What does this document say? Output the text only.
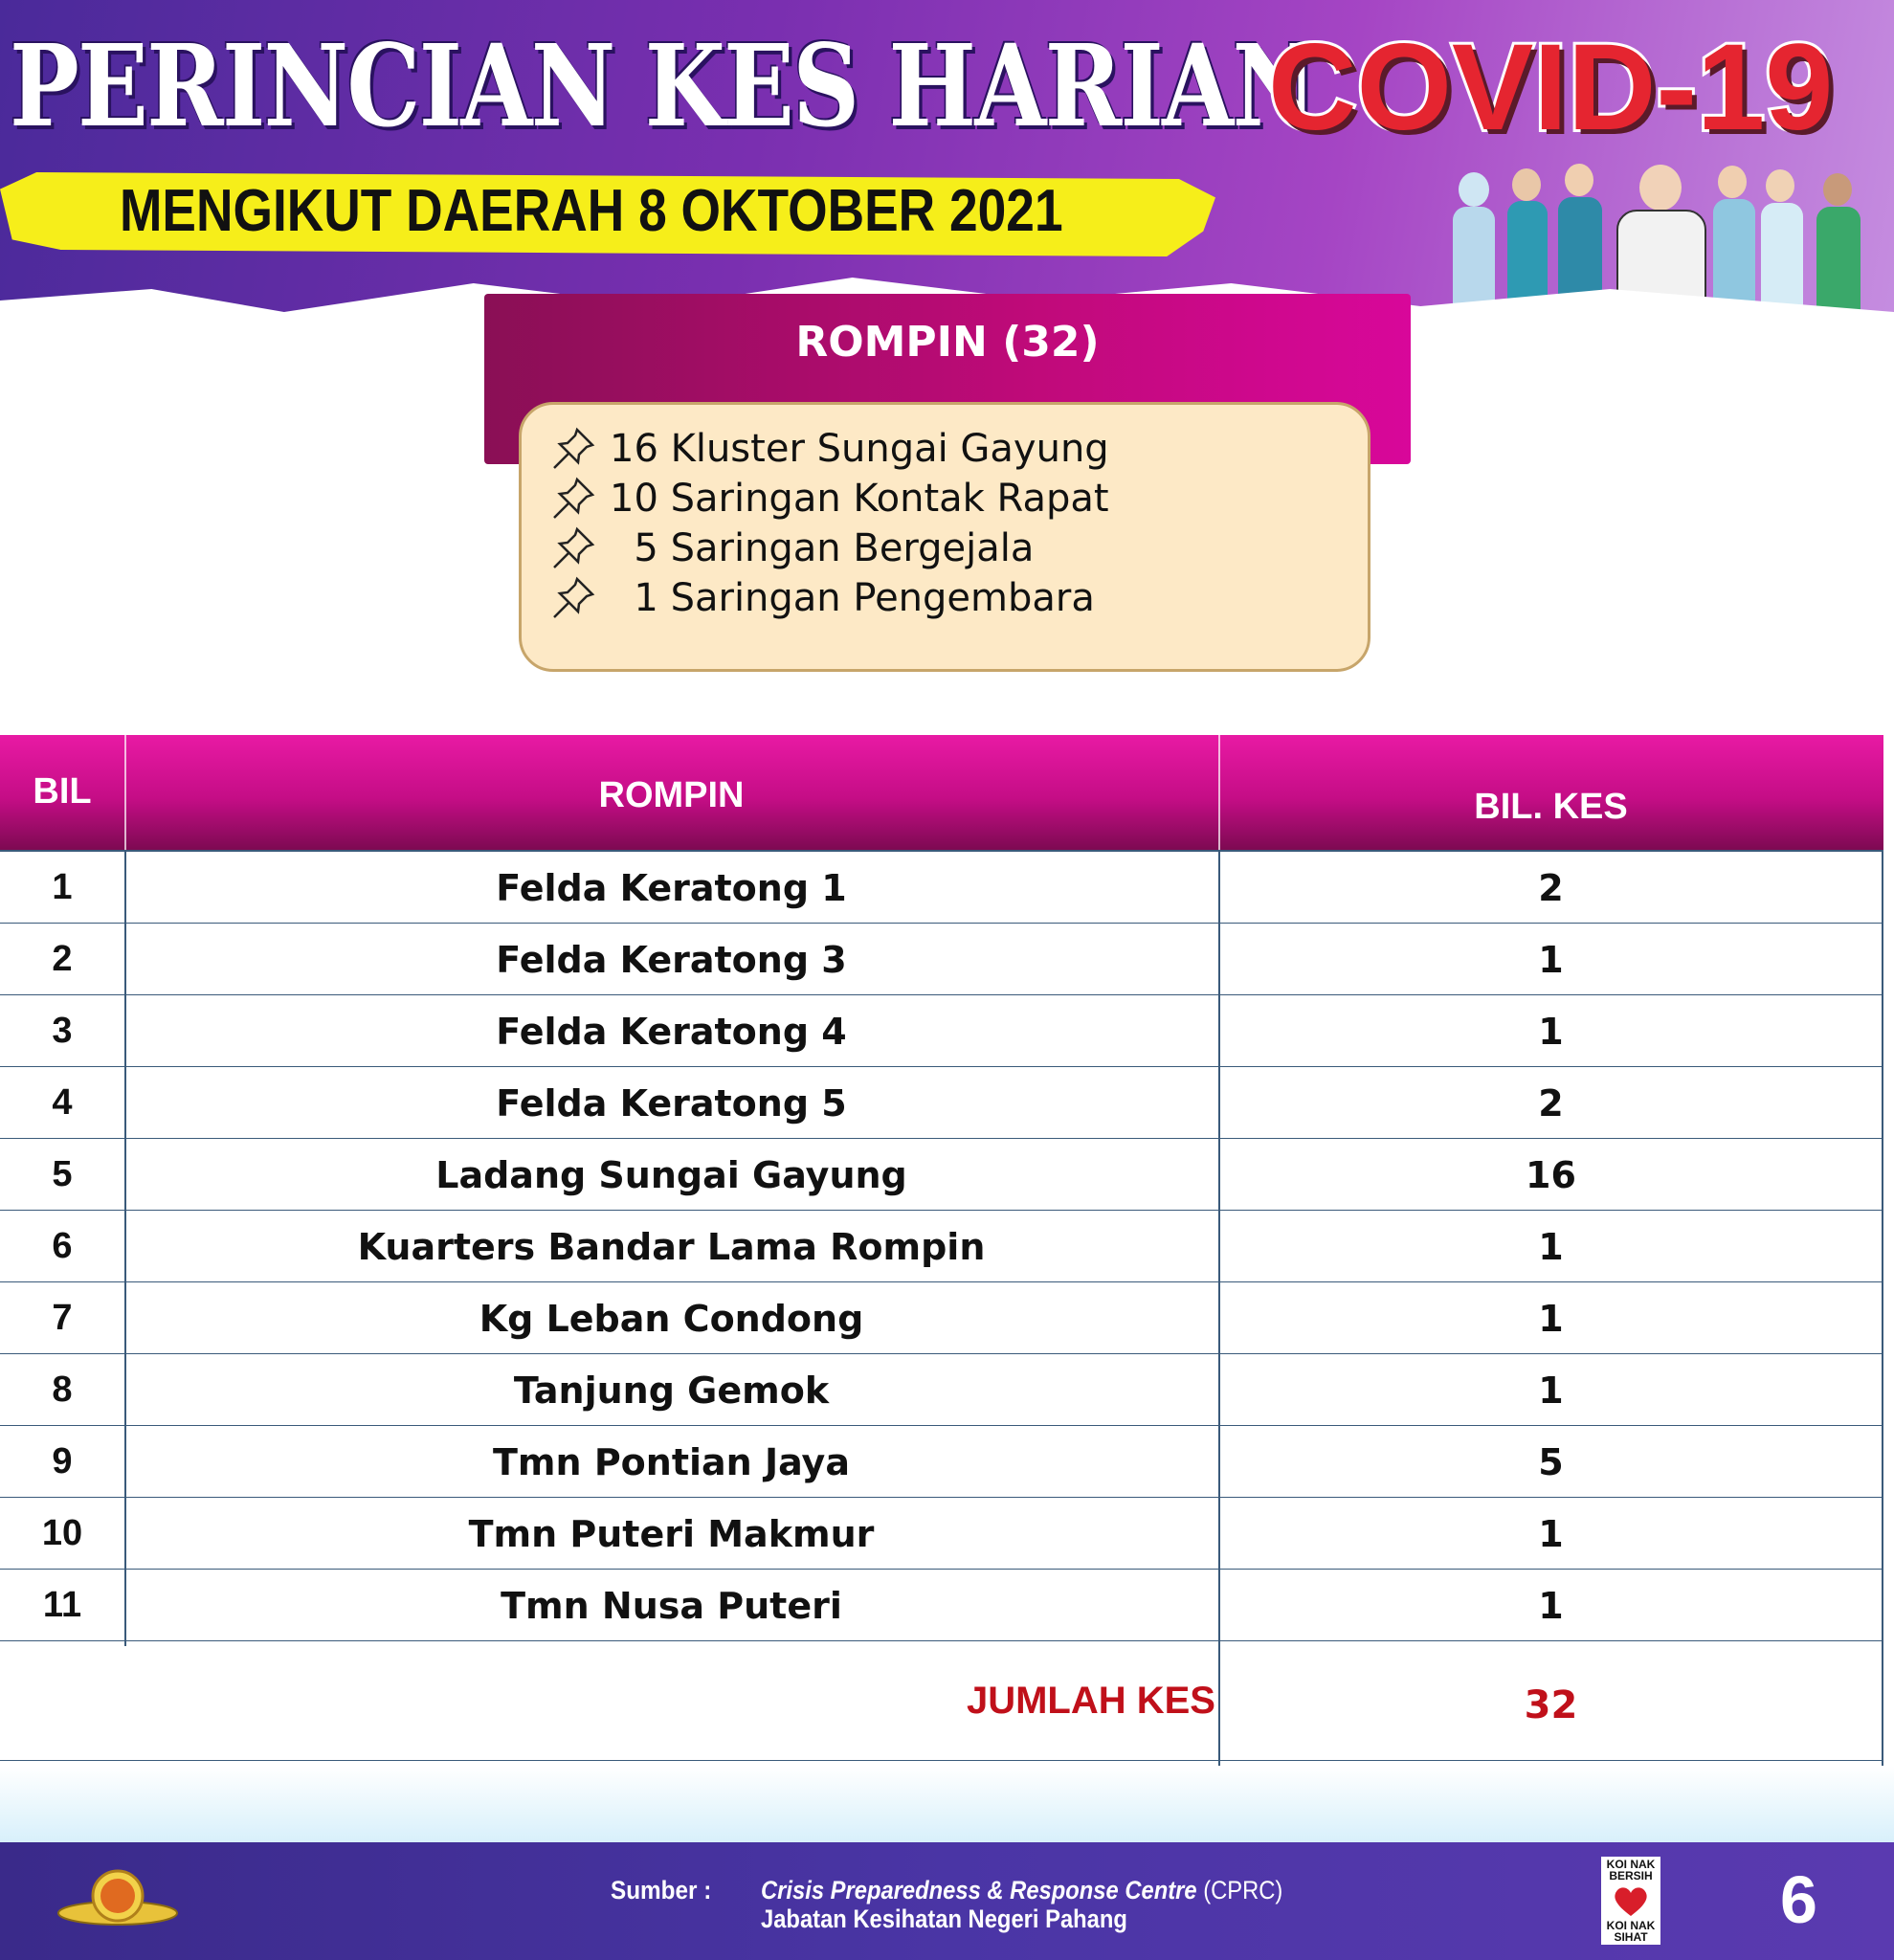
PERINCIAN KES HARIAN
COVID-19
MENGIKUT DAERAH 8 OKTOBER 2021
ROMPIN (32)
16 Kluster Sungai Gayung
10 Saringan Kontak Rapat
5 Saringan Bergejala
1 Saringan Pengembara
BIL	ROMPIN	BIL. KES
1	Felda Keratong 1	2
2	Felda Keratong 3	1
3	Felda Keratong 4	1
4	Felda Keratong 5	2
5	Ladang Sungai Gayung	16
6	Kuarters Bandar Lama Rompin	1
7	Kg Leban Condong	1
8	Tanjung Gemok	1
9	Tmn Pontian Jaya	5
10	Tmn Puteri Makmur	1
11	Tmn Nusa Puteri	1
JUMLAH KES	32
Sumber : Crisis Preparedness & Response Centre (CPRC)
Jabatan Kesihatan Negeri Pahang
KOI NAK BERSIH
KOI NAK SIHAT 6
